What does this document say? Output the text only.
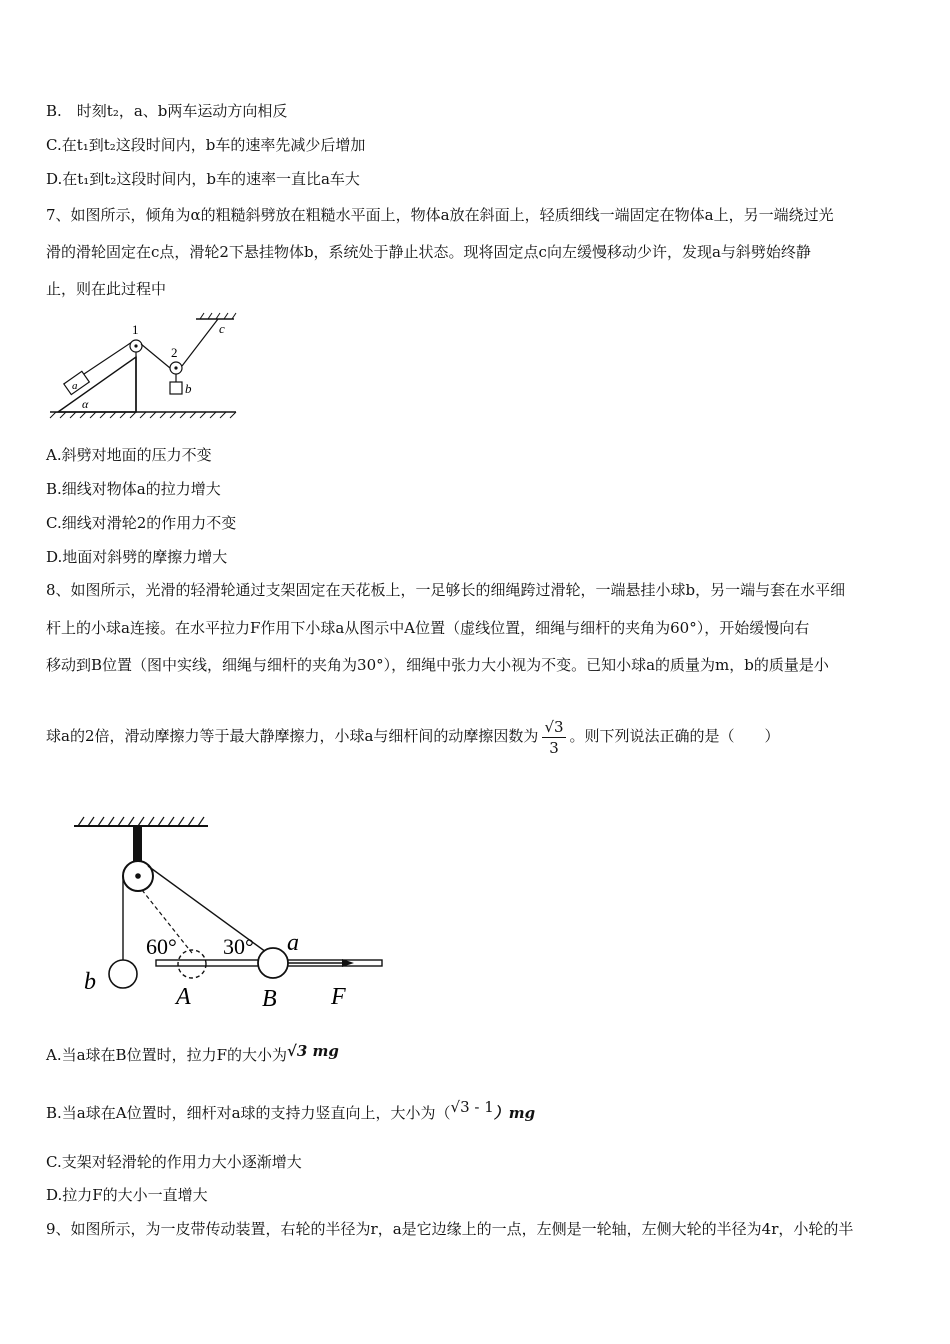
B.　时刻t₂，a、b两车运动方向相反
C.在t₁到t₂这段时间内，b车的速率先减少后增加
D.在t₁到t₂这段时间内，b车的速率一直比a车大
7、如图所示，倾角为α的粗糙斜劈放在粗糙水平面上，物体a放在斜面上，轻质细线一端固定在物体a上，另一端绕过光
滑的滑轮固定在c点，滑轮2下悬挂物体b，系统处于静止状态。现将固定点c向左缓慢移动少许，发现a与斜劈始终静
止，则在此过程中
a
1
2
b
c
α
A.斜劈对地面的压力不变
B.细线对物体a的拉力增大
C.细线对滑轮2的作用力不变
D.地面对斜劈的摩擦力增大
8、如图所示，光滑的轻滑轮通过支架固定在天花板上，一足够长的细绳跨过滑轮，一端悬挂小球b，另一端与套在水平细
杆上的小球a连接。在水平拉力F作用下小球a从图示中A位置（虚线位置，细绳与细杆的夹角为60°），开始缓慢向右
移动到B位置（图中实线，细绳与细杆的夹角为30°），细绳中张力大小视为不变。已知小球a的质量为m，b的质量是小
球a的2倍，滑动摩擦力等于最大静摩擦力，小球a与细杆间的动摩擦因数为 $\frac{√3}{3}$ 。则下列说法正确的是（　　）
b
60° 30° a
A	B F
A.当a球在B位置时，拉力F的大小为√3 mg
B.当a球在A位置时，细杆对a球的支持力竖直向上，大小为（√3 - 1）mg
C.支架对轻滑轮的作用力大小逐渐增大
D.拉力F的大小一直增大
9、如图所示，为一皮带传动装置，右轮的半径为r，a是它边缘上的一点，左侧是一轮轴，左侧大轮的半径为4r，小轮的半
